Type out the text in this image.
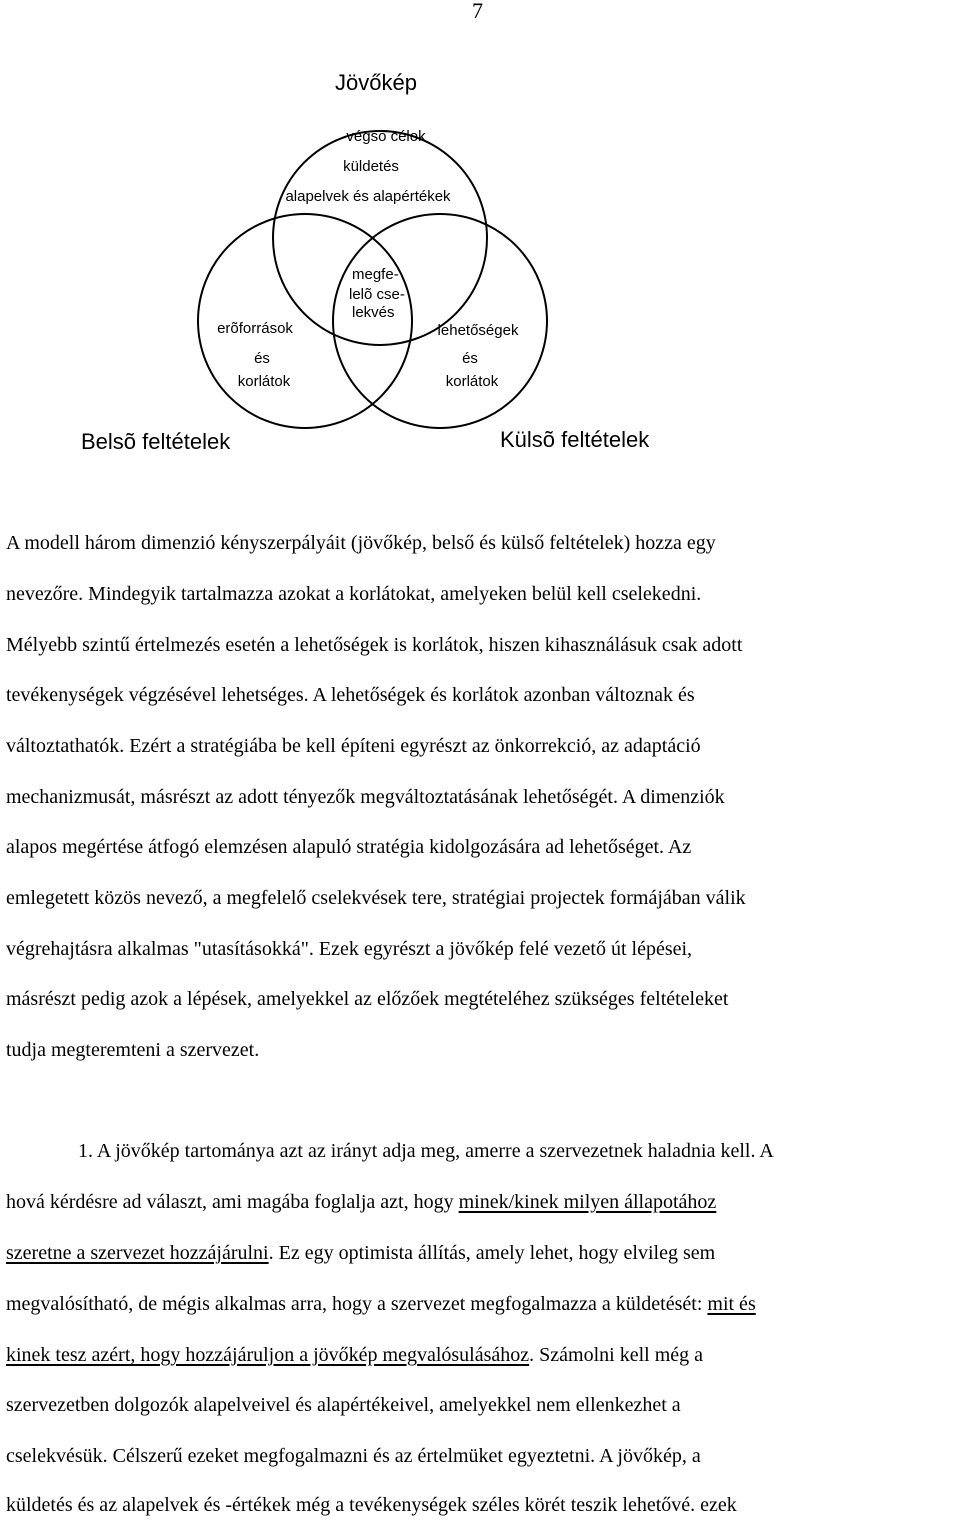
7
Jövőkép
végsõ célok
küldetés
alapelvek és alapértékek
megfe-
lelõ cse-
lekvés
erõforrások
és
korlátok
lehetőségek
és
korlátok
Belsõ feltételek	Külsõ feltételek
A modell három dimenzió kényszerpályáit (jövőkép, belső és külső feltételek) hozza egy
nevezőre. Mindegyik tartalmazza azokat a korlátokat, amelyeken belül kell cselekedni.
Mélyebb szintű értelmezés esetén a lehetőségek is korlátok, hiszen kihasználásuk csak adott
tevékenységek végzésével lehetséges. A lehetőségek és korlátok azonban változnak és
változtathatók. Ezért a stratégiába be kell építeni egyrészt az önkorrekció, az adaptáció
mechanizmusát, másrészt az adott tényezők megváltoztatásának lehetőségét. A dimenziók
alapos megértése átfogó elemzésen alapuló stratégia kidolgozására ad lehetőséget. Az
emlegetett közös nevező, a megfelelő cselekvések tere, stratégiai projectek formájában válik
végrehajtásra alkalmas "utasításokká". Ezek egyrészt a jövőkép felé vezető út lépései,
másrészt pedig azok a lépések, amelyekkel az előzőek megtételéhez szükséges feltételeket
tudja megteremteni a szervezet.
1. A jövőkép tartománya azt az irányt adja meg, amerre a szervezetnek haladnia kell. A
hová kérdésre ad választ, ami magába foglalja azt, hogy minek/kinek milyen állapotához
szeretne a szervezet hozzájárulni. Ez egy optimista állítás, amely lehet, hogy elvileg sem
megvalósítható, de mégis alkalmas arra, hogy a szervezet megfogalmazza a küldetését: mit és
kinek tesz azért, hogy hozzájáruljon a jövőkép megvalósulásához. Számolni kell még a
szervezetben dolgozók alapelveivel és alapértékeivel, amelyekkel nem ellenkezhet a
cselekvésük. Célszerű ezeket megfogalmazni és az értelmüket egyeztetni. A jövőkép, a
küldetés és az alapelvek és -értékek még a tevékenységek széles körét teszik lehetővé. ezek
